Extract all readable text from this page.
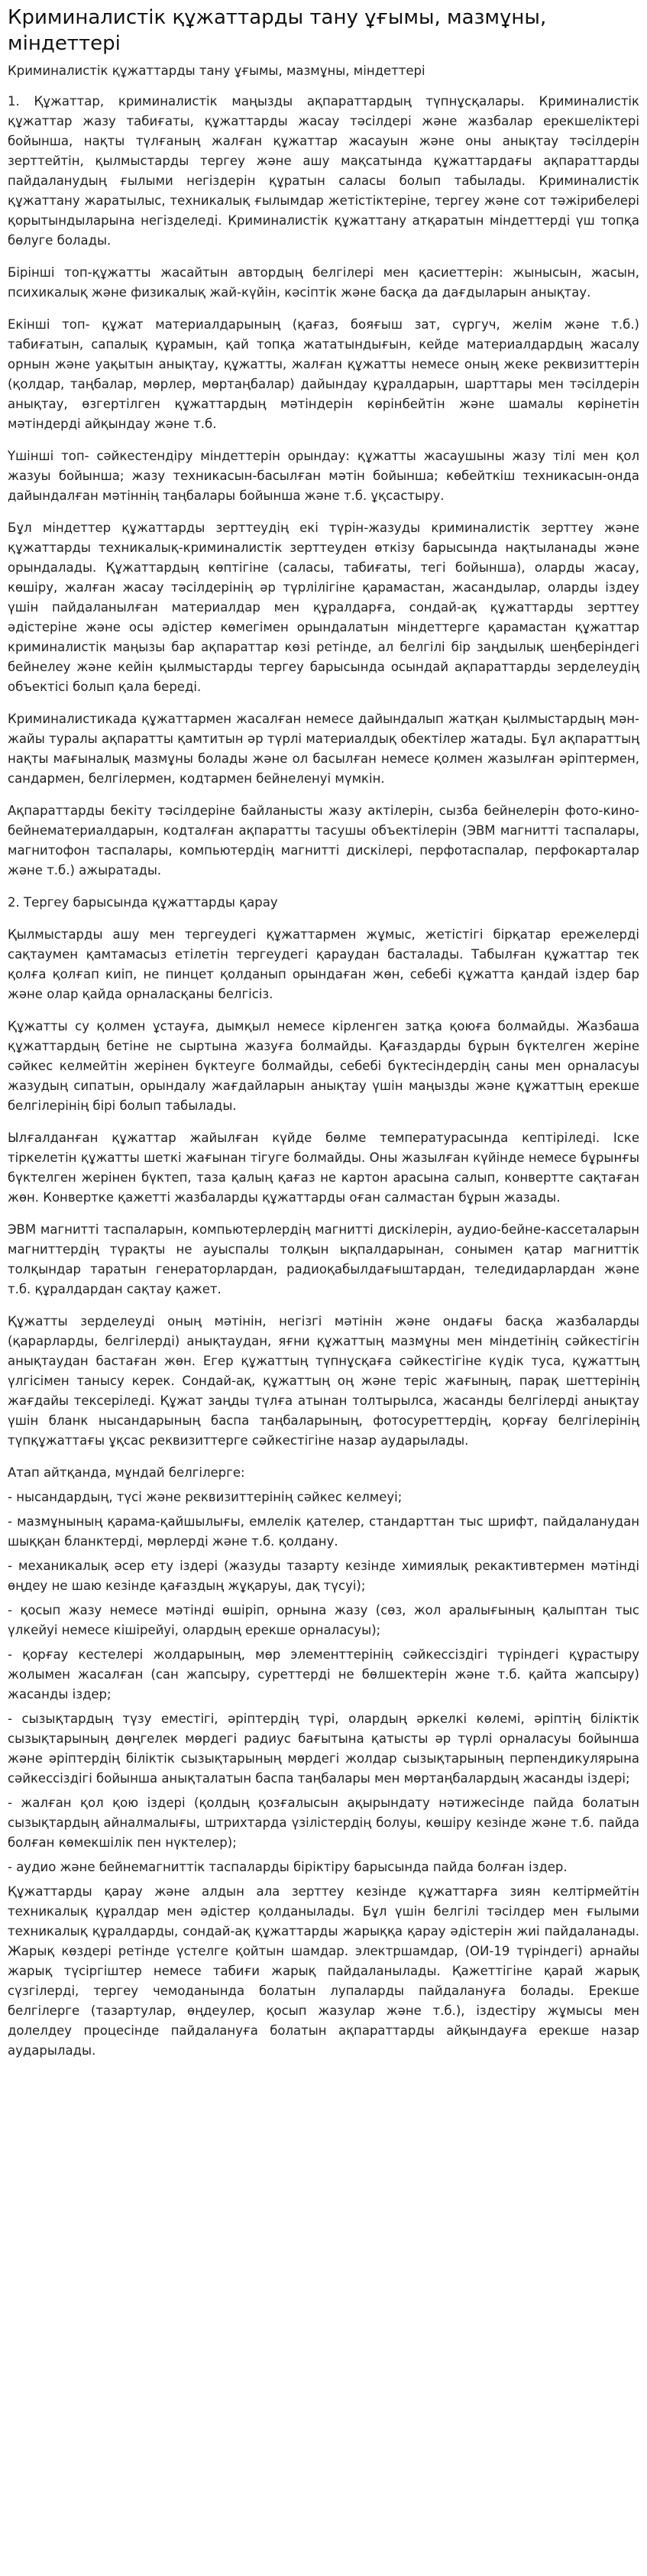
Криминалистік құжаттарды тану ұғымы, мазмұны, міндеттері
Криминалистік құжаттарды тану ұғымы, мазмұны, міндеттері

1. Құжаттар, криминалистік маңызды ақпараттардың түпнұсқалары. Криминалистік құжаттар жазу табиғаты, құжаттарды жасау тәсілдері және жазбалар ерекшеліктері бойынша, нақты түлғаның жалған құжаттар жасауын және оны анықтау тәсілдерін зерттейтін, қылмыстарды тергеу және ашу мақсатында құжаттардағы ақпараттарды пайдаланудың ғылыми негіздерін құратын саласы болып табылады. Криминалистік құжаттану жаратылыс, техникалық ғылымдар жетістіктеріне, тергеу және сот тәжірибелері қорытындыларына негізделеді. Криминалистік құжаттану атқаратын міндеттерді үш топқа бөлуге болады.

Бірінші топ-құжатты жасайтын автордың белгілері мен қасиеттерін: жынысын, жасын, психикалық және физикалық жай-күйін, кәсіптік және басқа да дағдыларын анықтау.

Екінші топ- құжат материалдарының (қағаз, бояғыш зат, сүргуч, желім және т.б.) табиғатын, сапалық құрамын, қай топқа жататындығын, кейде материалдардың жасалу орнын және уақытын анықтау, құжатты, жалған құжатты немесе оның жеке реквизиттерін (қолдар, таңбалар, мөрлер, мөртаңбалар) дайындау құралдарын, шарттары мен тәсілдерін анықтау, өзгертілген құжаттардың мәтіндерін көрінбейтін және шамалы көрінетін мәтіндерді айқындау және т.б.

Үшінші топ- сәйкестендіру міндеттерін орындау: құжатты жасаушыны жазу тілі мен қол жазуы бойынша; жазу техникасын-басылған мәтін бойынша; көбейткіш техникасын-онда дайындалған мәтіннің таңбалары бойынша және т.б. ұқсастыру.

Бұл міндеттер құжаттарды зерттеудің екі түрін-жазуды криминалистік зерттеу және құжаттарды техникалық-криминалистік зерттеуден өткізу барысында нақтыланады және орындалады. Құжаттардың көптігіне (саласы, табиғаты, тегі бойынша), оларды жасау, көшіру, жалған жасау тәсілдерінің әр түрлілігіне қарамастан, жасандылар, оларды іздеу үшін пайдаланылған материалдар мен құралдарға, сондай-ақ құжаттарды зерттеу әдістеріне және осы әдістер көмегімен орындалатын міндеттерге қарамастан құжаттар криминалистік маңызы бар ақпараттар көзі ретінде, ал белгілі бір заңдылық шеңберіндегі бейнелеу және кейін қылмыстарды тергеу барысында осындай ақпараттарды зерделеудің объектісі болып қала береді.

Криминалистикада құжаттармен жасалған немесе дайындалып жатқан қылмыстардың мән-жайы туралы ақпаратты қамтитын әр түрлі материалдық обектілер жатады. Бұл ақпараттың нақты мағыналық мазмұны болады және ол басылған немесе қолмен жазылған әріптермен, сандармен, белгілермен, кодтармен бейнеленуі мүмкін.

Ақпараттарды бекіту тәсілдеріне байланысты жазу актілерін, сызба бейнелерін фото-кино-бейнематериалдарын, кодталған ақпаратты тасушы объектілерін (ЭВМ магнитті таспалары, магнитофон таспалары, компьютердің магнитті дискілері, перфотаспалар, перфокарталар және т.б.) ажыратады.

2. Тергеу барысында құжаттарды қарау

Қылмыстарды ашу мен тергеудегі құжаттармен жұмыс, жетістігі бірқатар ережелерді сақтаумен қамтамасыз етілетін тергеудегі қараудан басталады. Табылған құжаттар тек қолға қолғап киіп, не пинцет қолданып орындаған жөн, себебі құжатта қандай іздер бар және олар қайда орналасқаны белгісіз.

Құжатты су қолмен ұстауға, дымқыл немесе кірленген затқа қоюға болмайды. Жазбаша құжаттардың бетіне не сыртына жазуға болмайды. Қағаздарды бұрын бүктелген жеріне сәйкес келмейтін жерінен бүктеуге болмайды, себебі бүктесіндердің саны мен орналасуы жазудың сипатын, орындалу жағдайларын анықтау үшін маңызды және құжаттың ерекше белгілерінің бірі болып табылады.

Ылғалданған құжаттар жайылған күйде бөлме температурасында кептіріледі. Іске тіркелетін құжатты шеткі жағынан тігуге болмайды. Оны жазылған күйінде немесе бұрынғы бүктелген жерінен бүктеп, таза қалың қағаз не картон арасына салып, конвертте сақтаған жөн. Конвертке қажетті жазбаларды құжаттарды оған салмастан бұрын жазады.

ЭВМ магнитті таспаларын, компьютерлердің магнитті дискілерін, аудио-бейне-кассеталарын магниттердің түрақты не ауыспалы толқын ықпалдарынан, сонымен қатар магниттік толқындар таратын генераторлардан, радиоқабылдағыштардан, теледидарлардан және т.б. құралдардан сақтау қажет.

Құжатты зерделеуді оның мәтінін, негізгі мәтінін және ондағы басқа жазбаларды (қарарларды, белгілерді) анықтаудан, яғни құжаттың мазмұны мен міндетінің сәйкестігін анықтаудан бастаған жөн. Егер құжаттың түпнұсқаға сәйкестігіне күдік туса, құжаттың үлгісімен танысу керек. Сондай-ақ, құжаттың оң және теріс жағының, парақ шеттерінің жағдайы тексеріледі. Құжат заңды түлға атынан толтырылса, жасанды белгілерді анықтау үшін бланк нысандарының баспа таңбаларының, фотосуреттердің, қорғау белгілерінің түпқұжаттағы ұқсас реквизиттерге сәйкестігіне назар аударылады.

Атап айтқанда, мұндай белгілерге:

- нысандардың, түсі және реквизиттерінің сәйкес келмеуі;

- мазмұнының қарама-қайшылығы, емлелік қателер, стандарттан тыс шрифт, пайдаланудан шыққан бланктерді, мөрлерді және т.б. қолдану.

- механикалық әсер ету іздері (жазуды тазарту кезінде химиялық рекактивтермен мәтінді өңдеу не шаю кезінде қағаздың жұқаруы, дақ түсуі);

- қосып жазу немесе мәтінді өшіріп, орнына жазу (сөз, жол аралығының қалыптан тыс үлкейуі немесе кішірейуі, олардың ерекше орналасуы);

- қорғау кестелері жолдарының, мөр элементтерінің сәйкессіздігі түріндегі құрастыру жолымен жасалған (сан жапсыру, суреттерді не бөлшектерін және т.б. қайта жапсыру) жасанды іздер;

- сызықтардың түзу еместігі, әріптердің түрі, олардың әркелкі көлемі, әріптің біліктік сызықтарының дөңгелек мөрдегі радиус бағытына қатысты әр түрлі орналасуы бойынша және әріптердің біліктік сызықтарының мөрдегі жолдар сызықтарының перпендикулярына сәйкессіздігі бойынша анықталатын баспа таңбалары мен мөртаңбалардың жасанды іздері;

- жалған қол қою іздері (қолдың қозғалысын ақырындату нәтижесінде пайда болатын сызықтардың айналмалығы, штрихтарда үзілістердің болуы, көшіру кезінде және т.б. пайда болған көмекшілік пен нүктелер);

- аудио және бейнемагниттік таспаларды біріктіру барысында пайда болған іздер.

Құжаттарды қарау және алдын ала зерттеу кезінде құжаттарға зиян келтірмейтін техникалық құралдар мен әдістер қолданылады. Бұл үшін белгілі тәсілдер мен ғылыми техникалық құралдарды, сондай-ақ құжаттарды жарыққа қарау әдістерін жиі пайдаланады. Жарық көздері ретінде үстелге қойтын шамдар. электршамдар, (ОИ-19 түріндегі) арнайы жарық түсіргіштер немесе табиғи жарық пайдаланылады. Қажеттігіне қарай жарық сүзгілерді, тергеу чемоданында болатын лупаларды пайдалануға болады. Ерекше белгілерге (тазартулар, өңдеулер, қосып жазулар және т.б.), іздестіру жұмысы мен долелдеу процесінде пайдалануға болатын ақпараттарды айқындауға ерекше назар аударылады.
